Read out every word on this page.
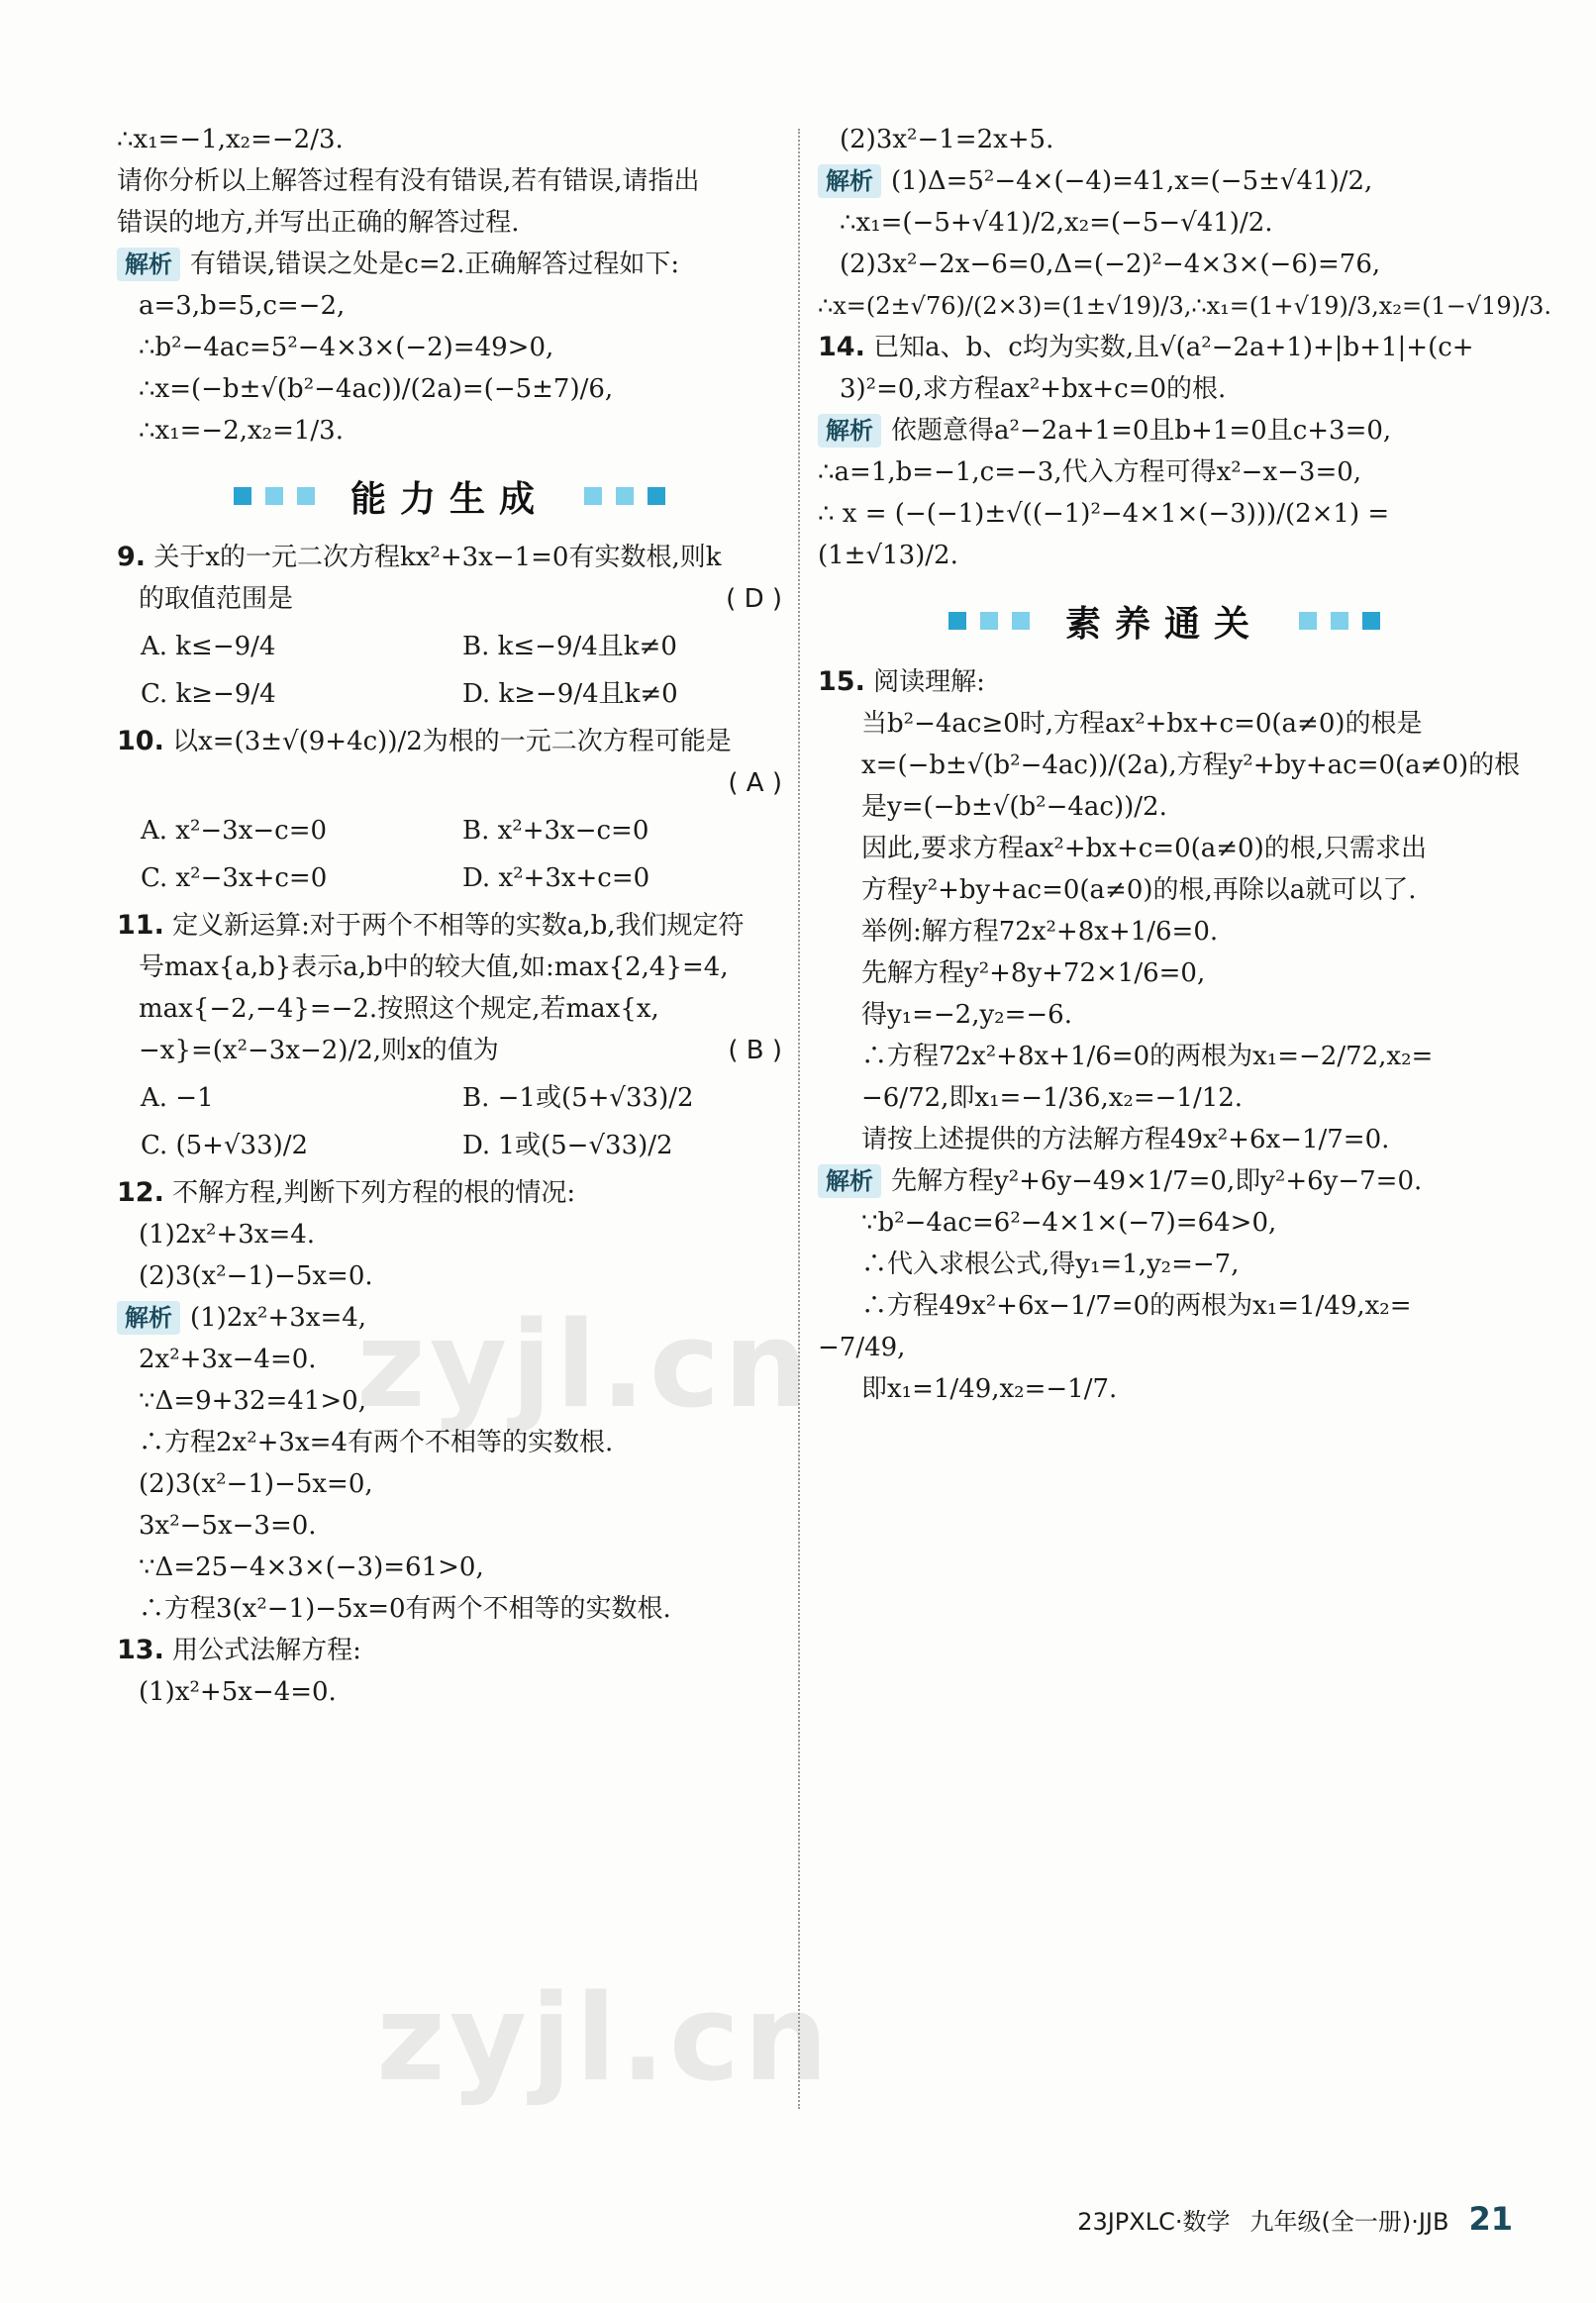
zyjl.cn
zyjl.cn
∴x₁=−1,x₂=−2/3.
请你分析以上解答过程有没有错误,若有错误,请指出
错误的地方,并写出正确的解答过程.
解析 有错误,错误之处是c=2.正确解答过程如下:
a=3,b=5,c=−2,
∴b²−4ac=5²−4×3×(−2)=49>0,
∴x=(−b±√(b²−4ac))/(2a)=(−5±7)/6,
∴x₁=−2,x₂=1/3.
能力生成
9. 关于x的一元二次方程kx²+3x−1=0有实数根,则k
的取值范围是	( D )
A. k≤−9/4	B. k≤−9/4且k≠0
C. k≥−9/4	D. k≥−9/4且k≠0
10. 以x=(3±√(9+4c))/2为根的一元二次方程可能是
( A )
A. x²−3x−c=0	B. x²+3x−c=0
C. x²−3x+c=0	D. x²+3x+c=0
11. 定义新运算:对于两个不相等的实数a,b,我们规定符
号max{a,b}表示a,b中的较大值,如:max{2,4}=4,
max{−2,−4}=−2.按照这个规定,若max{x,
−x}=(x²−3x−2)/2,则x的值为	( B )
A. −1	B. −1或(5+√33)/2
C. (5+√33)/2	D. 1或(5−√33)/2
12. 不解方程,判断下列方程的根的情况:
(1)2x²+3x=4.
(2)3(x²−1)−5x=0.
解析 (1)2x²+3x=4,
2x²+3x−4=0.
∵Δ=9+32=41>0,
∴方程2x²+3x=4有两个不相等的实数根.
(2)3(x²−1)−5x=0,
3x²−5x−3=0.
∵Δ=25−4×3×(−3)=61>0,
∴方程3(x²−1)−5x=0有两个不相等的实数根.
13. 用公式法解方程:
(1)x²+5x−4=0.
(2)3x²−1=2x+5.
解析 (1)Δ=5²−4×(−4)=41,x=(−5±√41)/2,
∴x₁=(−5+√41)/2,x₂=(−5−√41)/2.
(2)3x²−2x−6=0,Δ=(−2)²−4×3×(−6)=76,
∴x=(2±√76)/(2×3)=(1±√19)/3,∴x₁=(1+√19)/3,x₂=(1−√19)/3.
14. 已知a、b、c均为实数,且√(a²−2a+1)+|b+1|+(c+
3)²=0,求方程ax²+bx+c=0的根.
解析 依题意得a²−2a+1=0且b+1=0且c+3=0,
∴a=1,b=−1,c=−3,代入方程可得x²−x−3=0,
∴ x = (−(−1)±√((−1)²−4×1×(−3)))/(2×1) =
(1±√13)/2.
素养通关
15. 阅读理解:
当b²−4ac≥0时,方程ax²+bx+c=0(a≠0)的根是
x=(−b±√(b²−4ac))/(2a),方程y²+by+ac=0(a≠0)的根
是y=(−b±√(b²−4ac))/2.
因此,要求方程ax²+bx+c=0(a≠0)的根,只需求出
方程y²+by+ac=0(a≠0)的根,再除以a就可以了.
举例:解方程72x²+8x+1/6=0.
先解方程y²+8y+72×1/6=0,
得y₁=−2,y₂=−6.
∴方程72x²+8x+1/6=0的两根为x₁=−2/72,x₂=
−6/72,即x₁=−1/36,x₂=−1/12.
请按上述提供的方法解方程49x²+6x−1/7=0.
解析 先解方程y²+6y−49×1/7=0,即y²+6y−7=0.
∵b²−4ac=6²−4×1×(−7)=64>0,
∴代入求根公式,得y₁=1,y₂=−7,
∴方程49x²+6x−1/7=0的两根为x₁=1/49,x₂=
−7/49,
即x₁=1/49,x₂=−1/7.
23JPXLC·数学 九年级(全一册)·JJB 21
